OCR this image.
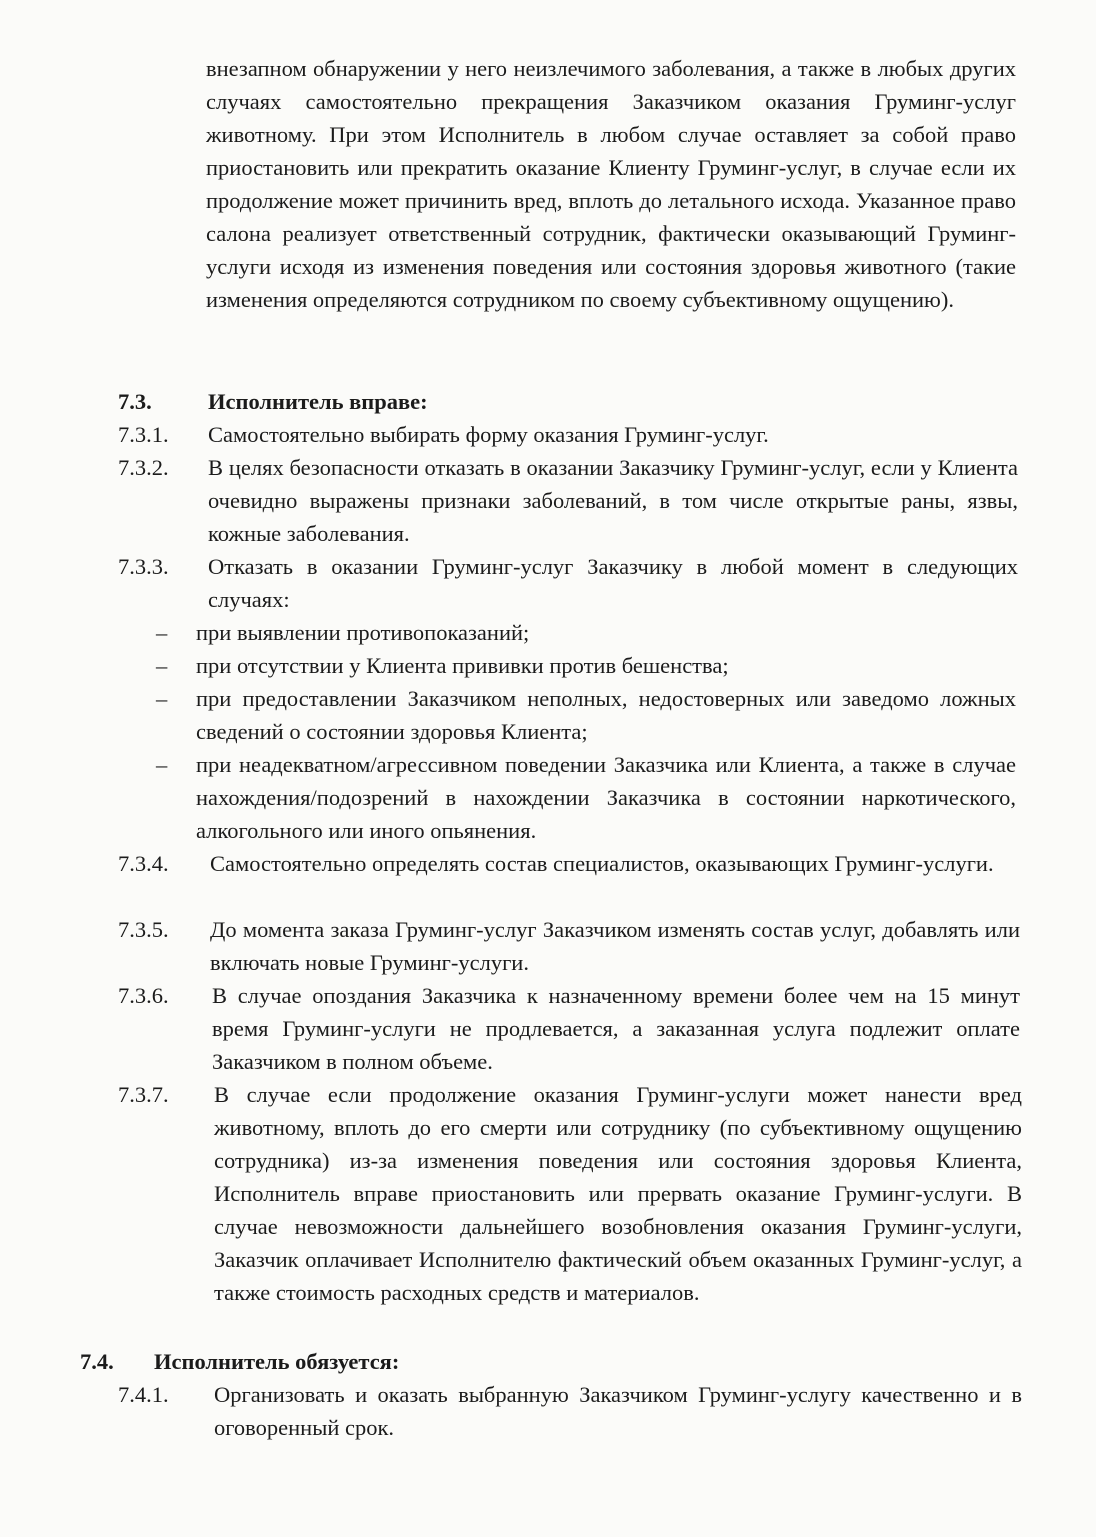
внезапном обнаружении у него неизлечимого заболевания, а также в любых других случаях самостоятельно прекращения Заказчиком оказания Груминг-услуг животному. При этом Исполнитель в любом случае оставляет за собой право приостановить или прекратить оказание Клиенту Груминг-услуг, в случае если их продолжение может причинить вред, вплоть до летального исхода. Указанное право салона реализует ответственный сотрудник, фактически оказывающий Груминг-услуги исходя из изменения поведения или состояния здоровья животного (такие изменения определяются сотрудником по своему субъективному ощущению).
7.3.	Исполнитель вправе:
7.3.1. Самостоятельно выбирать форму оказания Груминг-услуг.
7.3.2. В целях безопасности отказать в оказании Заказчику Груминг-услуг, если у Клиента очевидно выражены признаки заболеваний, в том числе открытые раны, язвы, кожные заболевания.
7.3.3. Отказать в оказании Груминг-услуг Заказчику в любой момент в следующих случаях:
– при выявлении противопоказаний;
– при отсутствии у Клиента прививки против бешенства;
– при предоставлении Заказчиком неполных, недостоверных или заведомо ложных сведений о состоянии здоровья Клиента;
– при неадекватном/агрессивном поведении Заказчика или Клиента, а также в случае нахождения/подозрений в нахождении Заказчика в состоянии наркотического, алкогольного или иного опьянения.
7.3.4. Самостоятельно определять состав специалистов, оказывающих Груминг-услуги.
7.3.5. До момента заказа Груминг-услуг Заказчиком изменять состав услуг, добавлять или включать новые Груминг-услуги.
7.3.6. В случае опоздания Заказчика к назначенному времени более чем на 15 минут время Груминг-услуги не продлевается, а заказанная услуга подлежит оплате Заказчиком в полном объеме.
7.3.7. В случае если продолжение оказания Груминг-услуги может нанести вред животному, вплоть до его смерти или сотруднику (по субъективному ощущению сотрудника) из-за изменения поведения или состояния здоровья Клиента, Исполнитель вправе приостановить или прервать оказание Груминг-услуги. В случае невозможности дальнейшего возобновления оказания Груминг-услуги, Заказчик оплачивает Исполнителю фактический объем оказанных Груминг-услуг, а также стоимость расходных средств и материалов.
7.4. Исполнитель обязуется:
7.4.1. Организовать и оказать выбранную Заказчиком Груминг-услугу качественно и в оговоренный срок.
